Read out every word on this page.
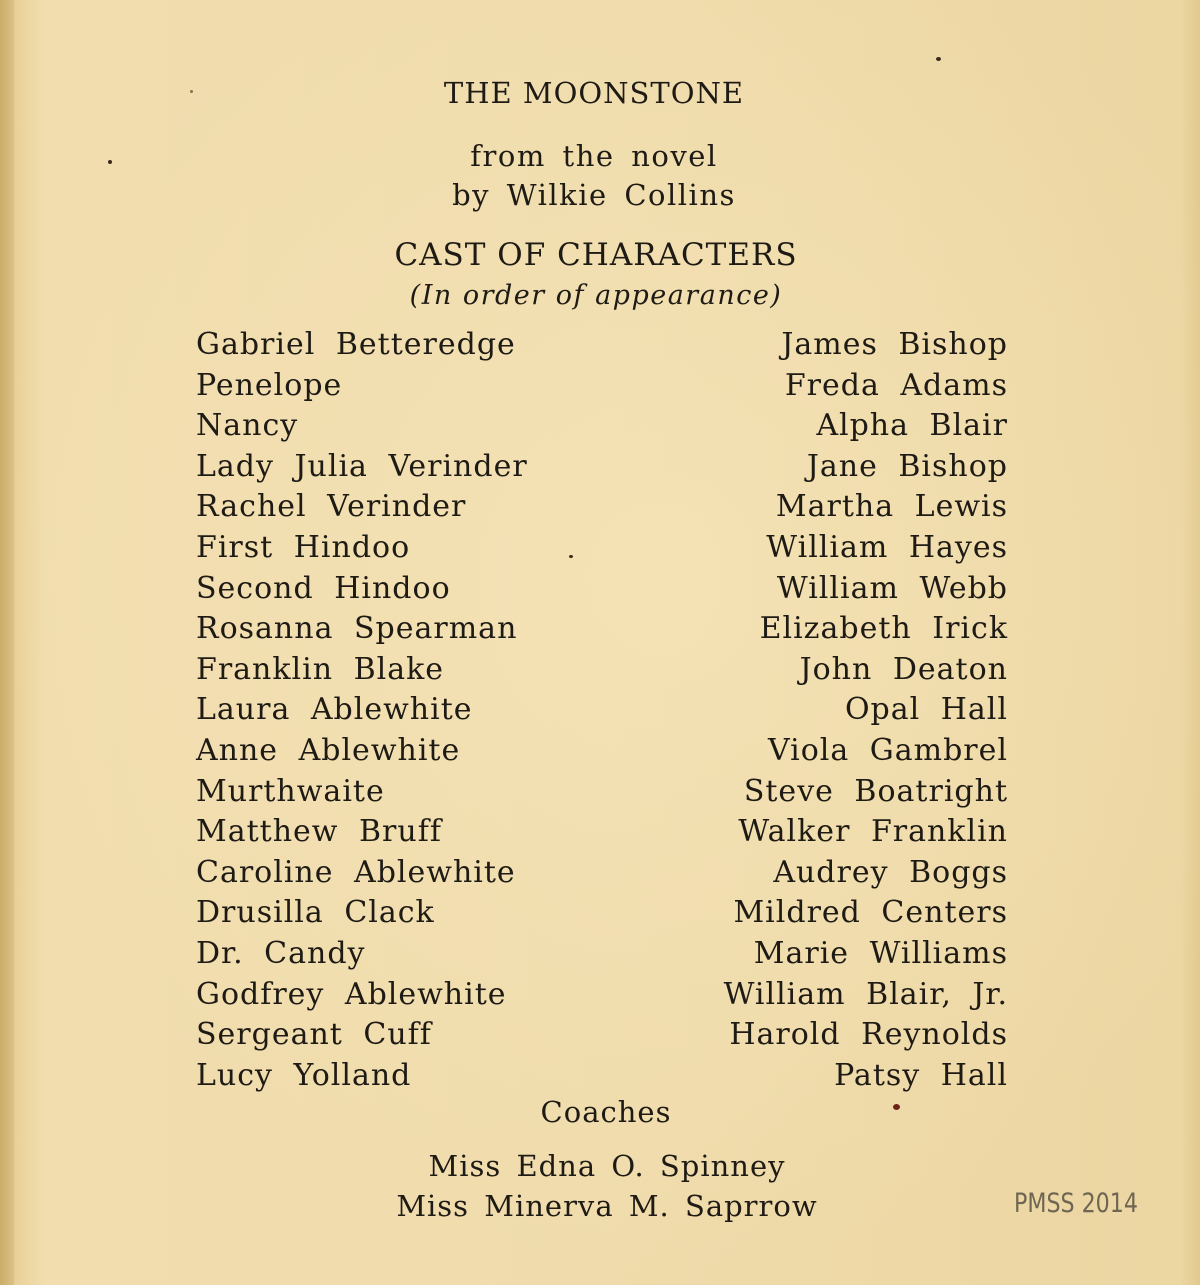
THE MOONSTONE
from the novel
by Wilkie Collins
CAST OF CHARACTERS
(In order of appearance)
Gabriel Betteredge	James Bishop
Penelope	Freda Adams
Nancy	Alpha Blair
Lady Julia Verinder	Jane Bishop
Rachel Verinder	Martha Lewis
First Hindoo	William Hayes
Second Hindoo	William Webb
Rosanna Spearman	Elizabeth Irick
Franklin Blake	John Deaton
Laura Ablewhite	Opal Hall
Anne Ablewhite	Viola Gambrel
Murthwaite	Steve Boatright
Matthew Bruff	Walker Franklin
Caroline Ablewhite	Audrey Boggs
Drusilla Clack	Mildred Centers
Dr. Candy	Marie Williams
Godfrey Ablewhite	William Blair, Jr.
Sergeant Cuff	Harold Reynolds
Lucy Yolland	Patsy Hall
Coaches
Miss Edna O. Spinney
Miss Minerva M. Saprrow	PMSS 2014
